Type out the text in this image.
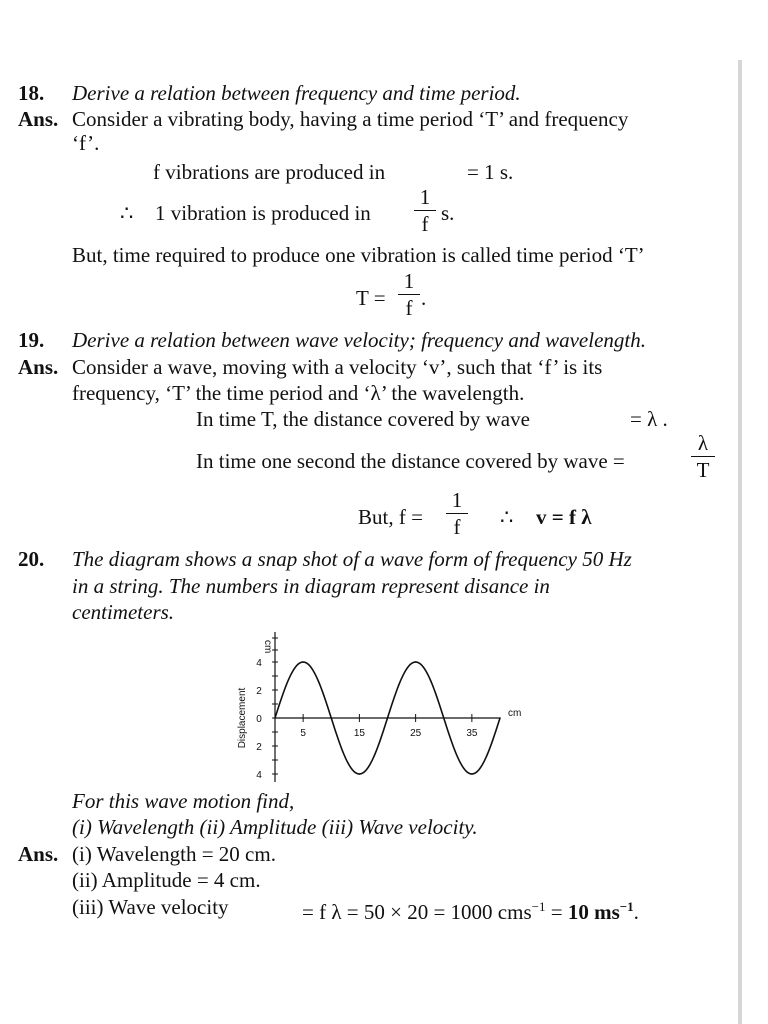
18. Derive a relation between frequency and time period.
Ans. Consider a vibrating body, having a time period ‘T’ and frequency
‘f’.
f vibrations are produced in	= 1 s.
∴ 1 vibration is produced in
1
f s.
But, time required to produce one vibration is called time period ‘T’
T =
1
f .
19. Derive a relation between wave velocity; frequency and wavelength.
Ans. Consider a wave, moving with a velocity ‘v’, such that ‘f’ is its
frequency, ‘T’ the time period and ‘λ’ the wavelength.
In time T, the distance covered by wave	= λ .
In time one second the distance covered by wave =
λ
T
But, f =
1
f	∴ v = f λ
20. The diagram shows a snap shot of a wave form of frequency 50 Hz
in a string. The numbers in diagram represent disance in
centimeters.
4
2
0
2
4
cm
Displacement	5	15	25	35
cm
For this wave motion find,
(i) Wavelength (ii) Amplitude (iii) Wave velocity.
Ans. (i) Wavelength = 20 cm.
(ii) Amplitude = 4 cm.
(iii) Wave velocity	= f λ = 50 × 20 = 1000 cms$^{-1}$ = 10 $ms^{-1}$.
